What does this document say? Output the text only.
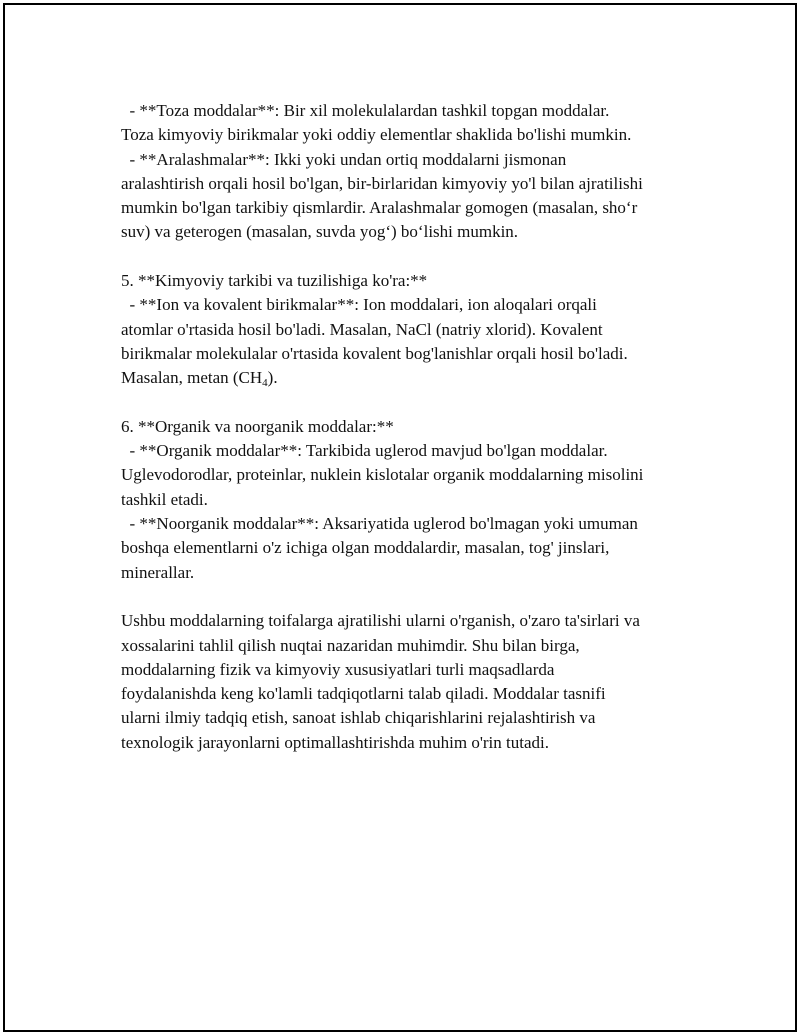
- **Toza moddalar**: Bir xil molekulalardan tashkil topgan moddalar.
Toza kimyoviy birikmalar yoki oddiy elementlar shaklida bo'lishi mumkin.
- **Aralashmalar**: Ikki yoki undan ortiq moddalarni jismonan
aralashtirish orqali hosil bo'lgan, bir-birlaridan kimyoviy yo'l bilan ajratilishi
mumkin bo'lgan tarkibiy qismlardir. Aralashmalar gomogen (masalan, sho‘r
suv) va geterogen (masalan, suvda yog‘) bo‘lishi mumkin.
5. **Kimyoviy tarkibi va tuzilishiga ko'ra:**
- **Ion va kovalent birikmalar**: Ion moddalari, ion aloqalari orqali
atomlar o'rtasida hosil bo'ladi. Masalan, NaCl (natriy xlorid). Kovalent
birikmalar molekulalar o'rtasida kovalent bog'lanishlar orqali hosil bo'ladi.
Masalan, metan $(CH_4)$.
6. **Organik va noorganik moddalar:**
- **Organik moddalar**: Tarkibida uglerod mavjud bo'lgan moddalar.
Uglevodorodlar, proteinlar, nuklein kislotalar organik moddalarning misolini
tashkil etadi.
- **Noorganik moddalar**: Aksariyatida uglerod bo'lmagan yoki umuman
boshqa elementlarni o'z ichiga olgan moddalardir, masalan, tog' jinslari,
minerallar.
Ushbu moddalarning toifalarga ajratilishi ularni o'rganish, o'zaro ta'sirlari va
xossalarini tahlil qilish nuqtai nazaridan muhimdir. Shu bilan birga,
moddalarning fizik va kimyoviy xususiyatlari turli maqsadlarda
foydalanishda keng ko'lamli tadqiqotlarni talab qiladi. Moddalar tasnifi
ularni ilmiy tadqiq etish, sanoat ishlab chiqarishlarini rejalashtirish va
texnologik jarayonlarni optimallashtirishda muhim o'rin tutadi.
